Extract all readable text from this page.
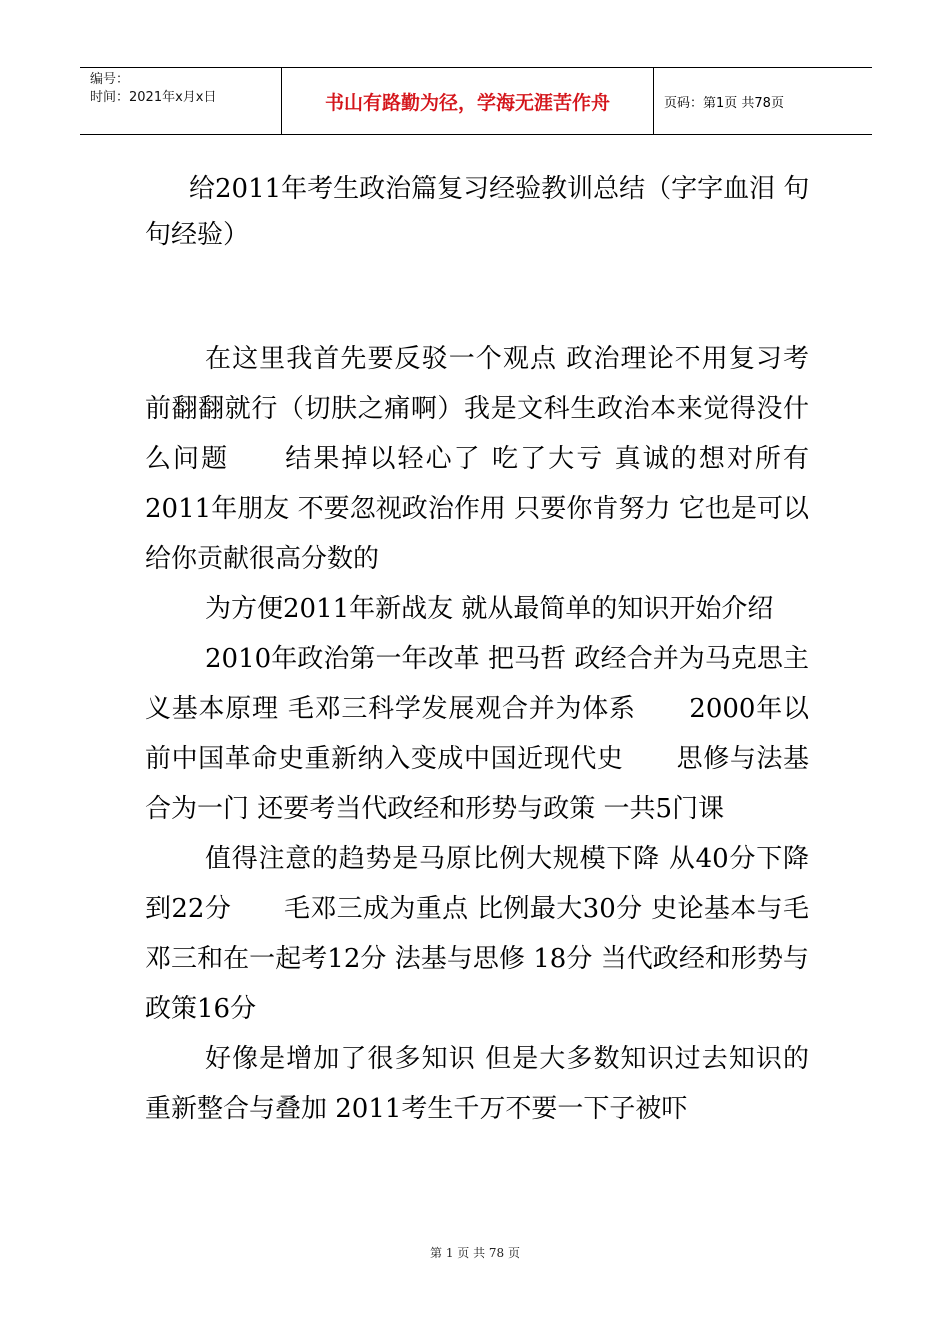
编号：
时间：2021年x月x日	书山有路勤为径，学海无涯苦作舟	页码：第1页 共78页
给2011年考生政治篇复习经验教训总结（字字血泪 句句经验）

在这里我首先要反驳一个观点 政治理论不用复习考前翻翻就行（切肤之痛啊）我是文科生政治本来觉得没什么问题　　结果掉以轻心了 吃了大亏 真诚的想对所有2011年朋友 不要忽视政治作用 只要你肯努力 它也是可以给你贡献很高分数的

为方便2011年新战友 就从最简单的知识开始介绍

2010年政治第一年改革 把马哲 政经合并为马克思主义基本原理 毛邓三科学发展观合并为体系　　2000年以前中国革命史重新纳入变成中国近现代史　　思修与法基合为一门 还要考当代政经和形势与政策 一共5门课

值得注意的趋势是马原比例大规模下降 从40分下降到22分　　毛邓三成为重点 比例最大30分 史论基本与毛邓三和在一起考12分 法基与思修 18分 当代政经和形势与政策16分

好像是增加了很多知识 但是大多数知识过去知识的重新整合与叠加 2011考生千万不要一下子被吓

第 1 页 共 78 页
